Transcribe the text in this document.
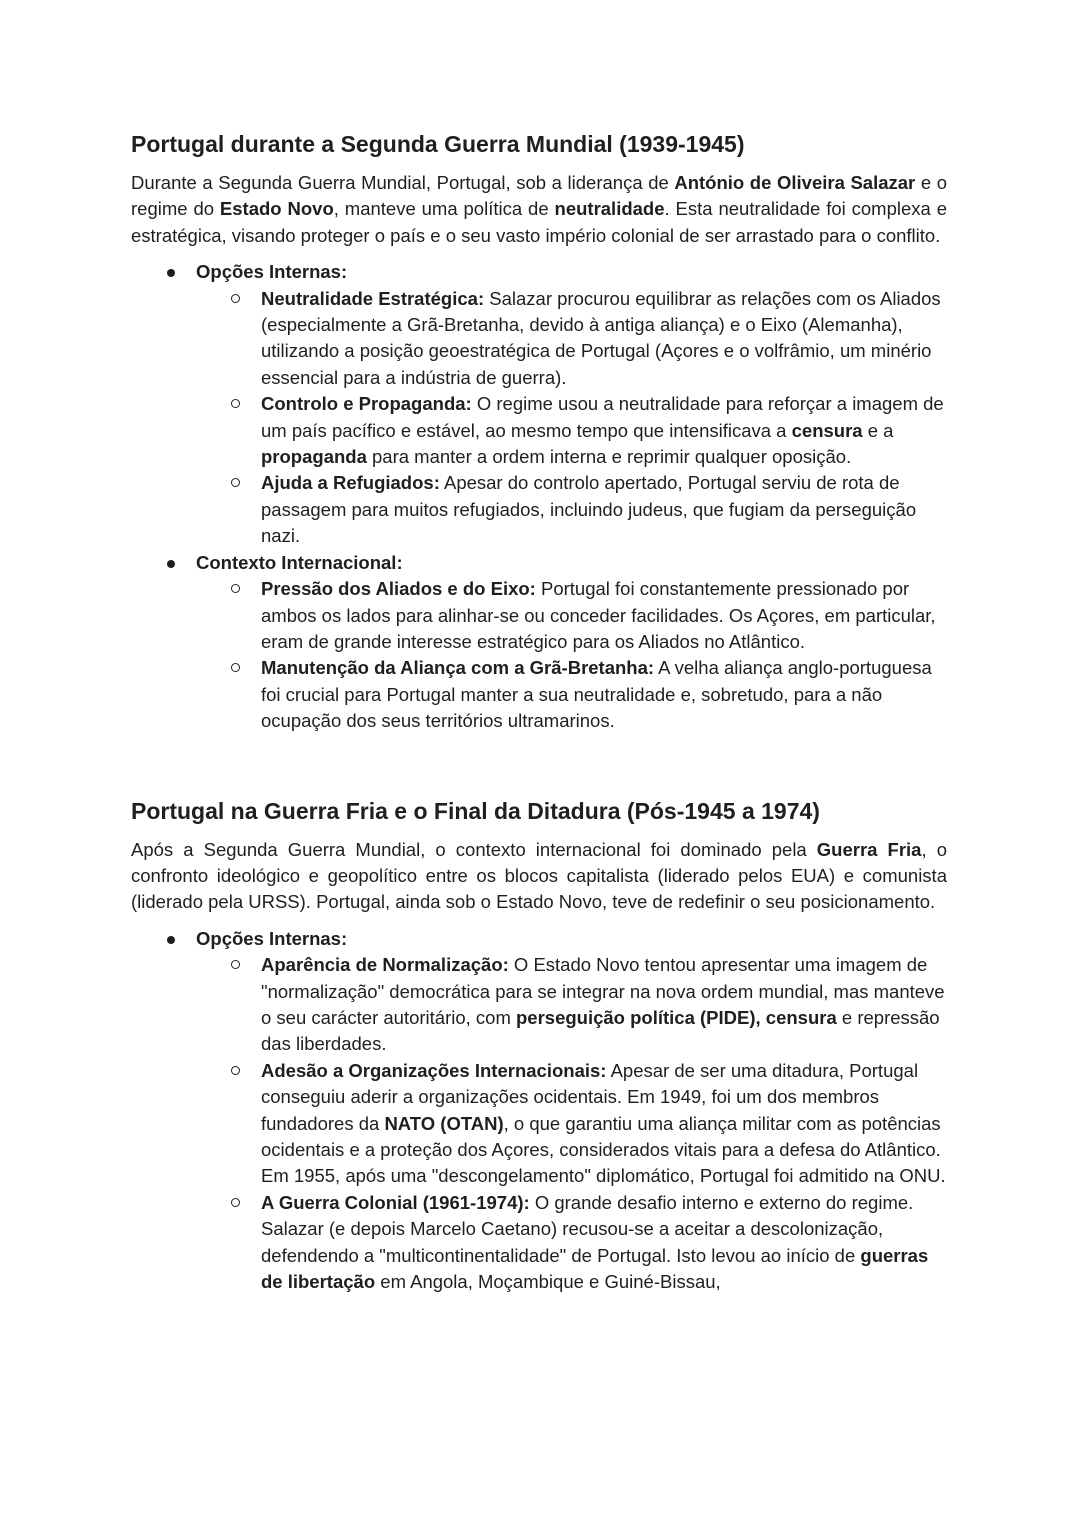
Portugal durante a Segunda Guerra Mundial (1939-1945)

Durante a Segunda Guerra Mundial, Portugal, sob a liderança de António de Oliveira Salazar e o regime do Estado Novo, manteve uma política de neutralidade. Esta neutralidade foi complexa e estratégica, visando proteger o país e o seu vasto império colonial de ser arrastado para o conflito.

Opções Internas:
Neutralidade Estratégica: Salazar procurou equilibrar as relações com os Aliados (especialmente a Grã-Bretanha, devido à antiga aliança) e o Eixo (Alemanha), utilizando a posição geoestratégica de Portugal (Açores e o volfrâmio, um minério essencial para a indústria de guerra).
Controlo e Propaganda: O regime usou a neutralidade para reforçar a imagem de um país pacífico e estável, ao mesmo tempo que intensificava a censura e a propaganda para manter a ordem interna e reprimir qualquer oposição.
Ajuda a Refugiados: Apesar do controlo apertado, Portugal serviu de rota de passagem para muitos refugiados, incluindo judeus, que fugiam da perseguição nazi.
Contexto Internacional:
Pressão dos Aliados e do Eixo: Portugal foi constantemente pressionado por ambos os lados para alinhar-se ou conceder facilidades. Os Açores, em particular, eram de grande interesse estratégico para os Aliados no Atlântico.
Manutenção da Aliança com a Grã-Bretanha: A velha aliança anglo-portuguesa foi crucial para Portugal manter a sua neutralidade e, sobretudo, para a não ocupação dos seus territórios ultramarinos.
Portugal na Guerra Fria e o Final da Ditadura (Pós-1945 a 1974)

Após a Segunda Guerra Mundial, o contexto internacional foi dominado pela Guerra Fria, o confronto ideológico e geopolítico entre os blocos capitalista (liderado pelos EUA) e comunista (liderado pela URSS). Portugal, ainda sob o Estado Novo, teve de redefinir o seu posicionamento.

Opções Internas:
Aparência de Normalização: O Estado Novo tentou apresentar uma imagem de "normalização" democrática para se integrar na nova ordem mundial, mas manteve o seu carácter autoritário, com perseguição política (PIDE), censura e repressão das liberdades.
Adesão a Organizações Internacionais: Apesar de ser uma ditadura, Portugal conseguiu aderir a organizações ocidentais. Em 1949, foi um dos membros fundadores da NATO (OTAN), o que garantiu uma aliança militar com as potências ocidentais e a proteção dos Açores, considerados vitais para a defesa do Atlântico. Em 1955, após uma "descongelamento" diplomático, Portugal foi admitido na ONU.
A Guerra Colonial (1961-1974): O grande desafio interno e externo do regime. Salazar (e depois Marcelo Caetano) recusou-se a aceitar a descolonização, defendendo a "multicontinentalidade" de Portugal. Isto levou ao início de guerras de libertação em Angola, Moçambique e Guiné-Bissau,
